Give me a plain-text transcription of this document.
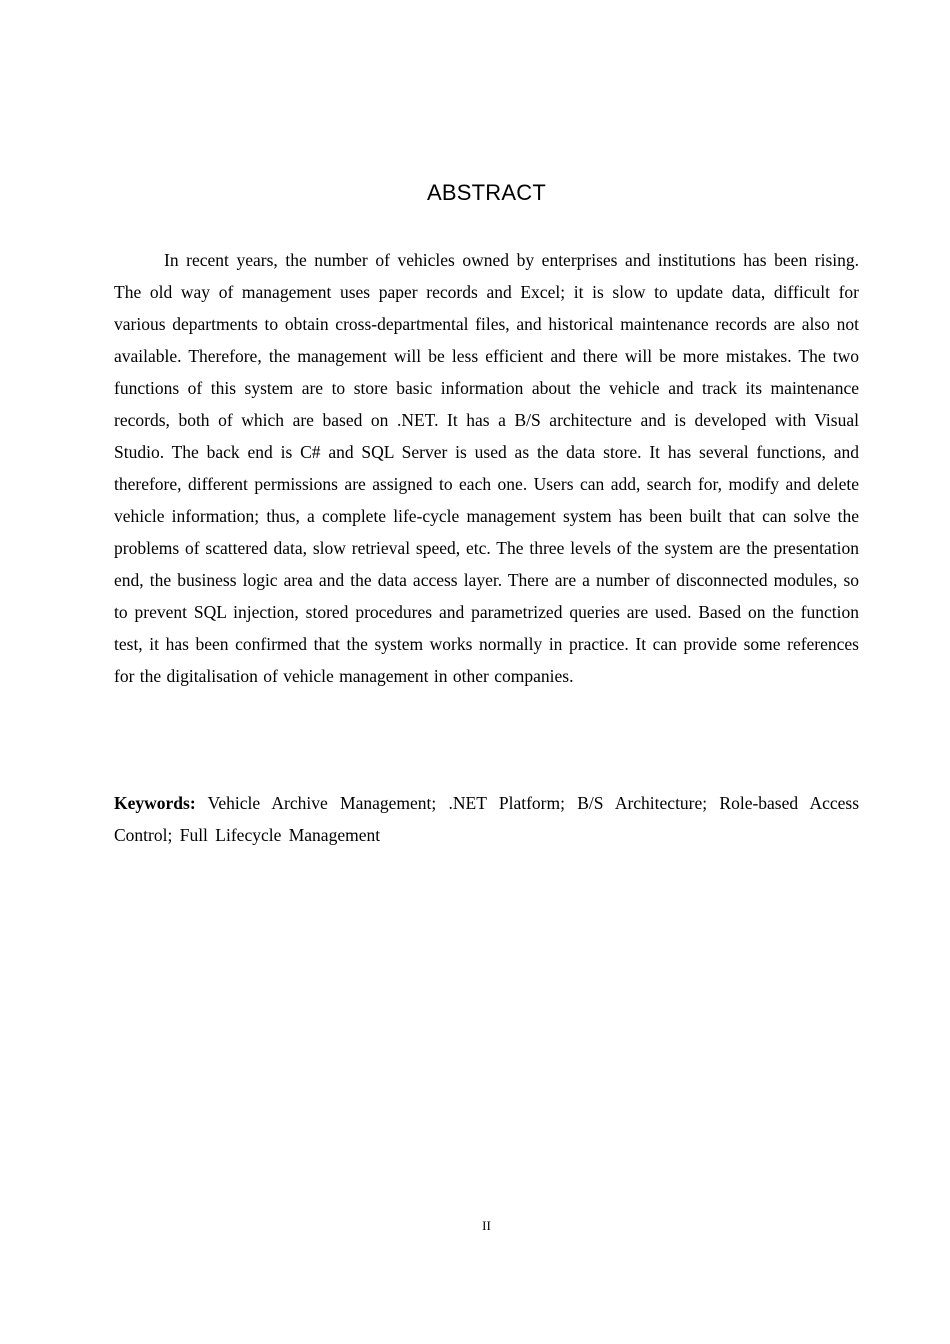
ABSTRACT

In recent years, the number of vehicles owned by enterprises and institutions has been rising. The old way of management uses paper records and Excel; it is slow to update data, difficult for various departments to obtain cross-departmental files, and historical maintenance records are also not available. Therefore, the management will be less efficient and there will be more mistakes. The two functions of this system are to store basic information about the vehicle and track its maintenance records, both of which are based on .NET. It has a B/S architecture and is developed with Visual Studio. The back end is C# and SQL Server is used as the data store. It has several functions, and therefore, different permissions are assigned to each one. Users can add, search for, modify and delete vehicle information; thus, a complete life-cycle management system has been built that can solve the problems of scattered data, slow retrieval speed, etc. The three levels of the system are the presentation end, the business logic area and the data access layer. There are a number of disconnected modules, so to prevent SQL injection, stored procedures and parametrized queries are used. Based on the function test, it has been confirmed that the system works normally in practice. It can provide some references for the digitalisation of vehicle management in other companies.

Keywords: Vehicle Archive Management; .NET Platform; B/S Architecture; Role-based Access Control; Full Lifecycle Management

II
